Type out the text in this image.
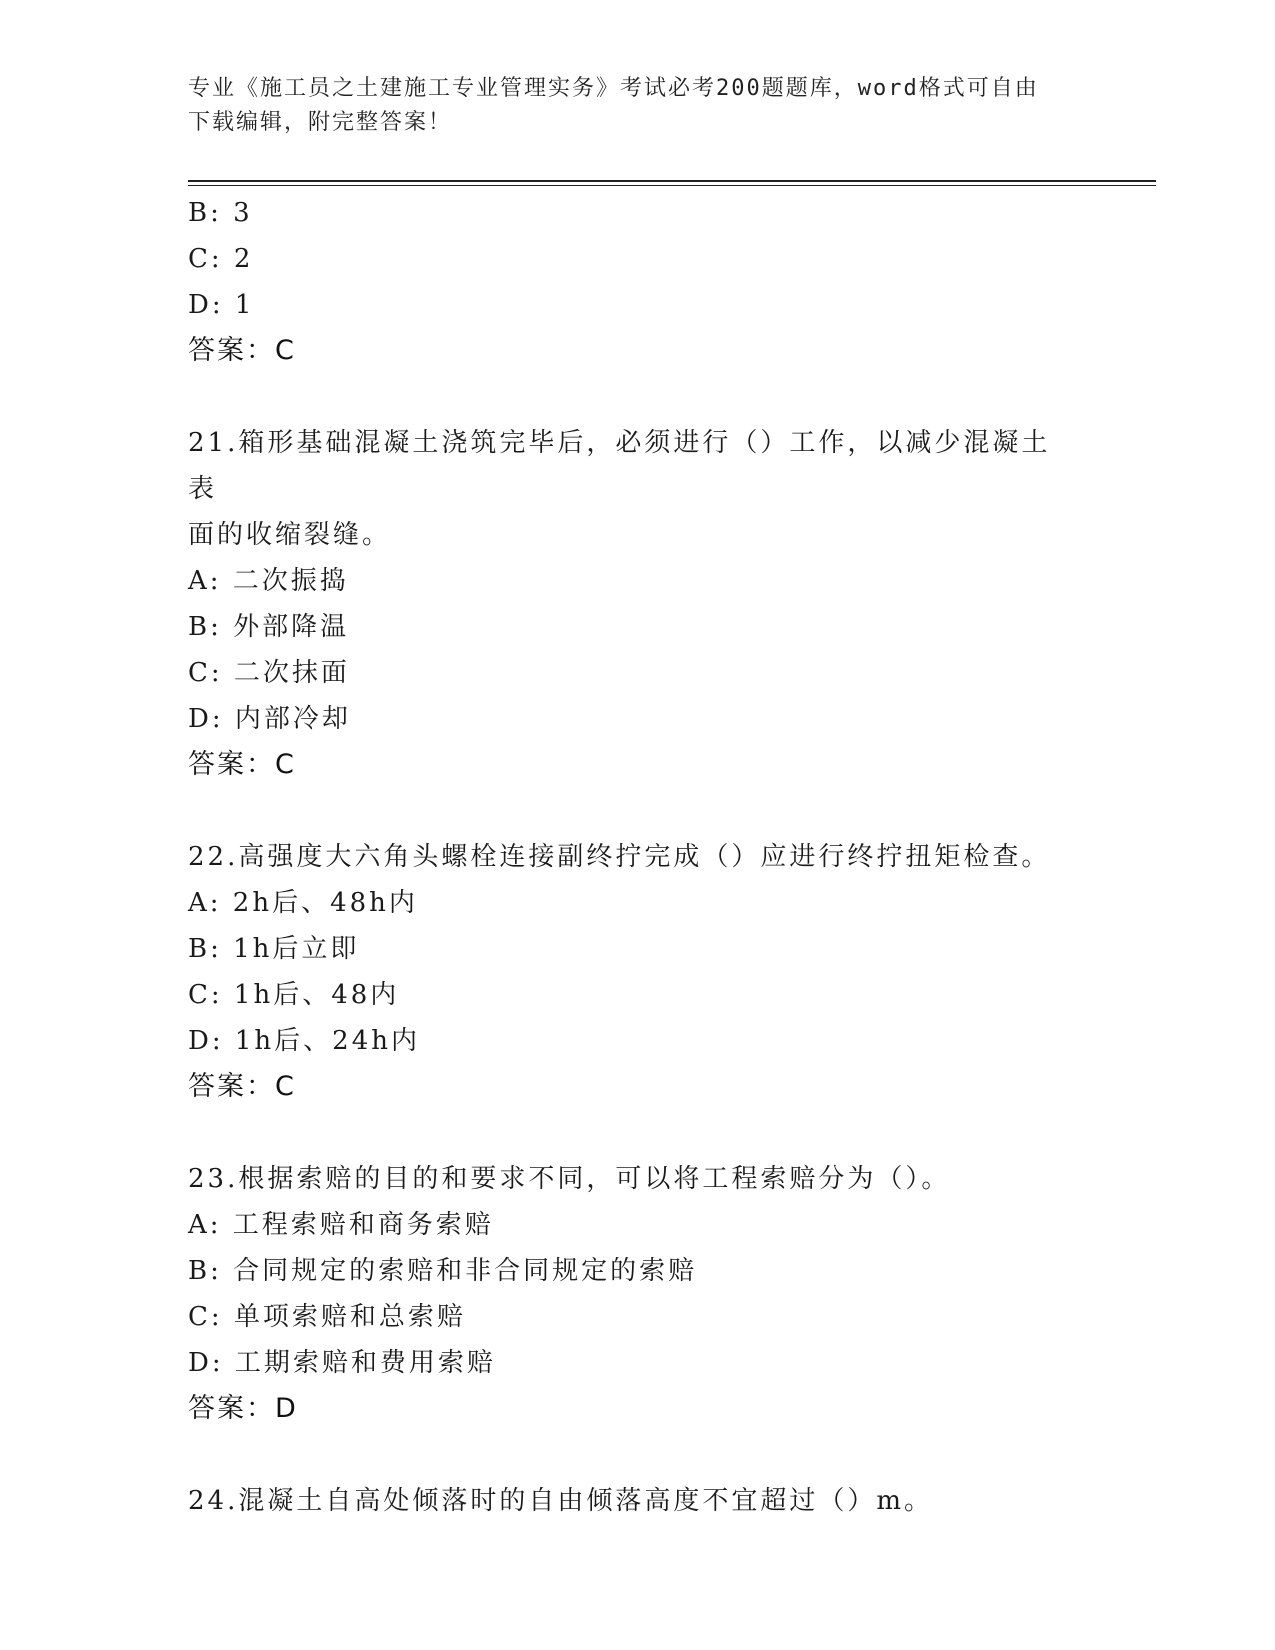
专业《施工员之土建施工专业管理实务》考试必考200题题库，word格式可自由
下载编辑，附完整答案！
B: 3
C: 2
D: 1
答案：C
21.箱形基础混凝土浇筑完毕后，必须进行（）工作，以减少混凝土表
面的收缩裂缝。
A: 二次振捣
B: 外部降温
C: 二次抹面
D: 内部冷却
答案：C
22.高强度大六角头螺栓连接副终拧完成（）应进行终拧扭矩检查。
A: 2h后、48h内
B: 1h后立即
C: 1h后、48内
D: 1h后、24h内
答案：C
23.根据索赔的目的和要求不同，可以将工程索赔分为（）。
A: 工程索赔和商务索赔
B: 合同规定的索赔和非合同规定的索赔
C: 单项索赔和总索赔
D: 工期索赔和费用索赔
答案：D
24.混凝土自高处倾落时的自由倾落高度不宜超过（）m。
